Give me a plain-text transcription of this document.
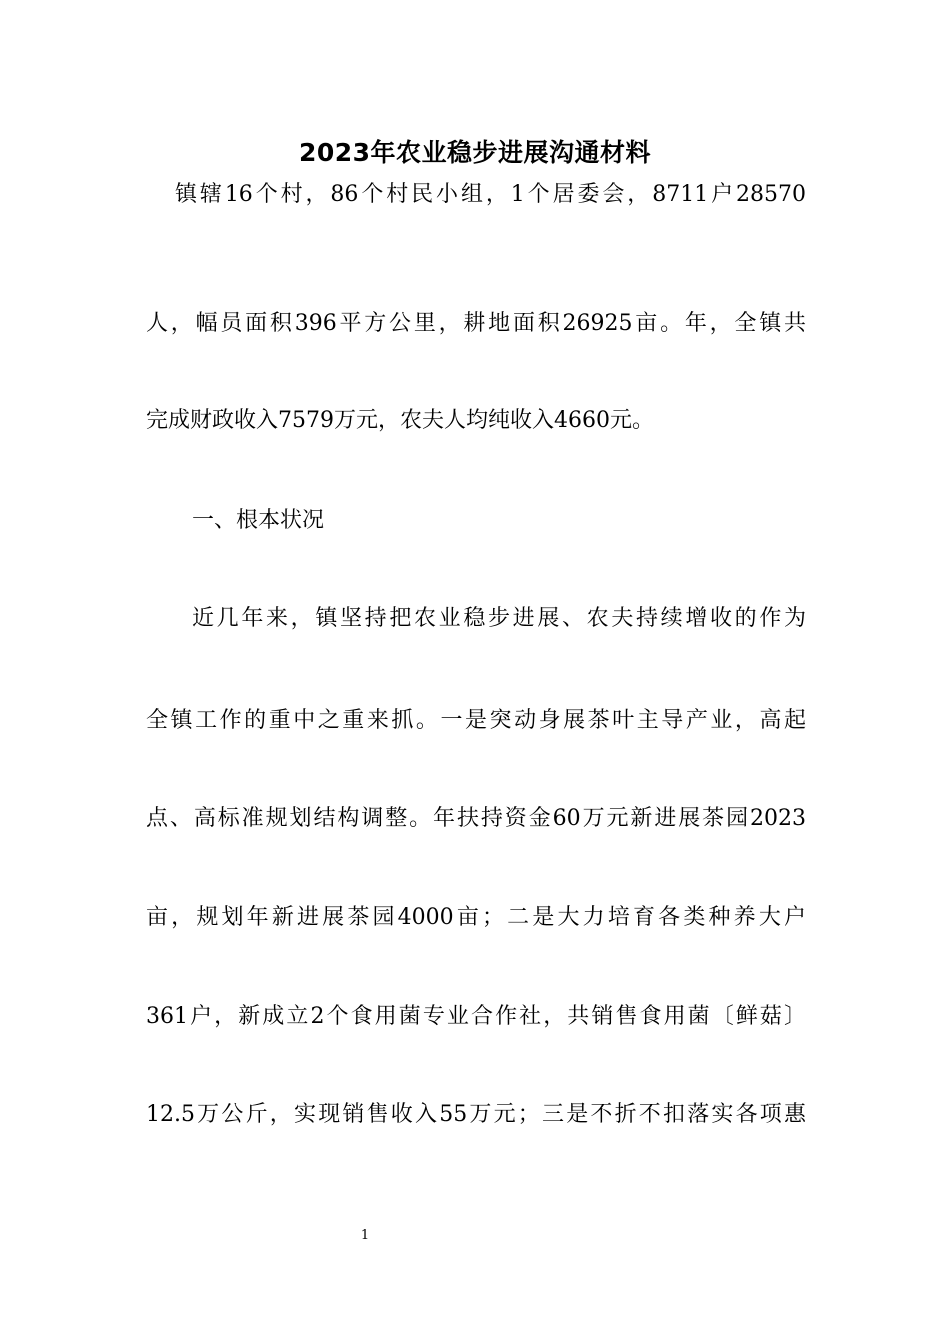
2023年农业稳步进展沟通材料
镇辖16个村，86个村民小组，1个居委会，8711户28570
人，幅员面积396平方公里，耕地面积26925亩。年，全镇共
完成财政收入7579万元，农夫人均纯收入4660元。
一、根本状况
近几年来，镇坚持把农业稳步进展、农夫持续增收的作为
全镇工作的重中之重来抓。一是突动身展茶叶主导产业，高起
点、高标准规划结构调整。年扶持资金60万元新进展茶园2023
亩，规划年新进展茶园4000亩；二是大力培育各类种养大户
361户，新成立2个食用菌专业合作社，共销售食用菌〔鲜菇〕
12.5万公斤，实现销售收入55万元；三是不折不扣落实各项惠
1
